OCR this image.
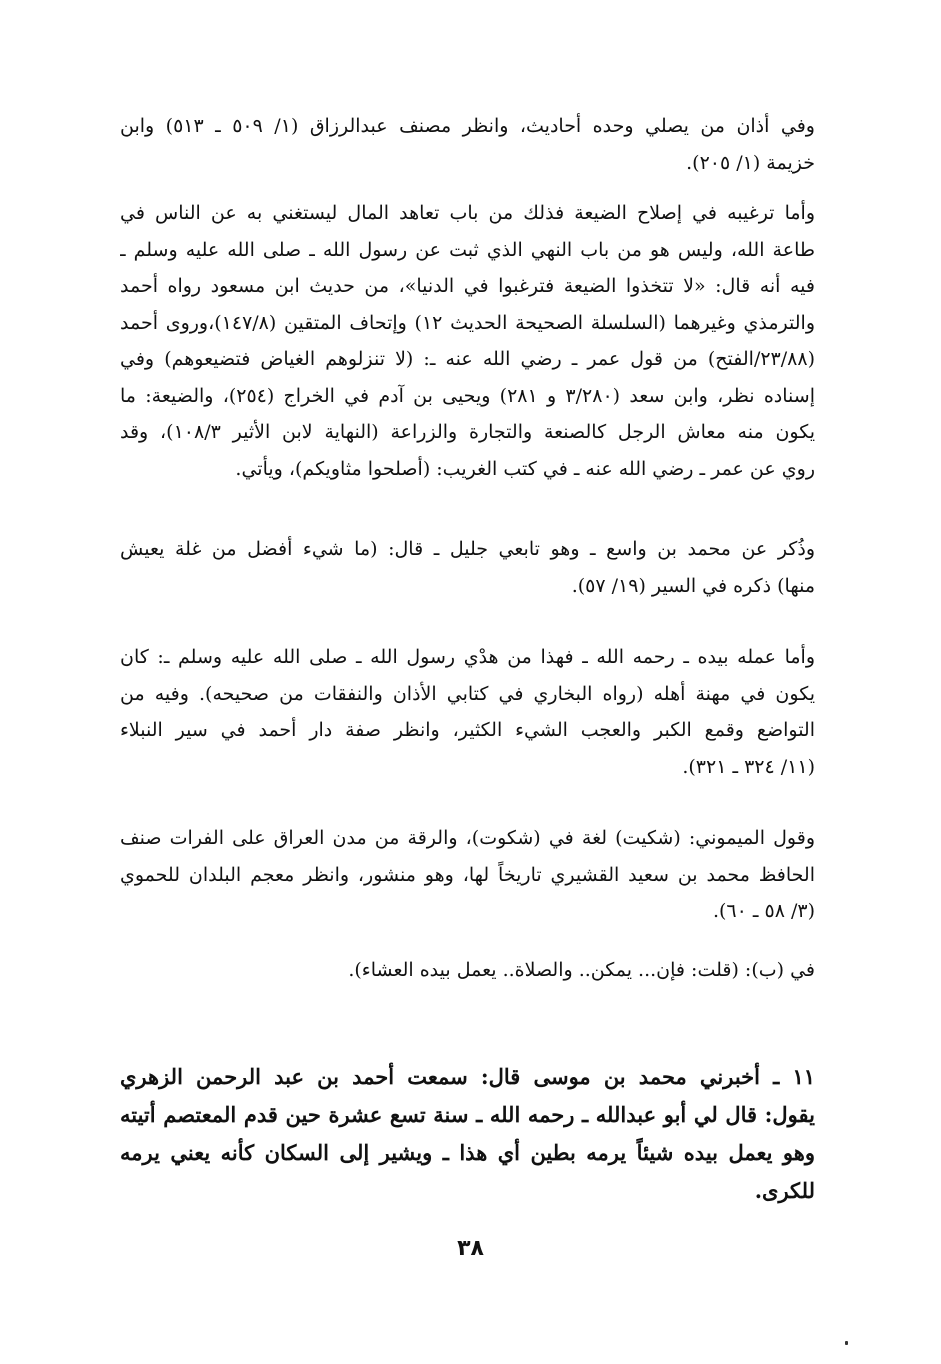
وفي أذان من يصلي وحده أحاديث، وانظر مصنف عبدالرزاق (١/ ٥٠٩ ـ ٥١٣) وابن
خزيمة (١/ ٢٠٥).
وأما ترغيبه في إصلاح الضيعة فذلك من باب تعاهد المال ليستغني به عن الناس في
طاعة الله، وليس هو من باب النهي الذي ثبت عن رسول الله ـ صلى الله عليه وسلم ـ
فيه أنه قال: «لا تتخذوا الضيعة فترغبوا في الدنيا»، من حديث ابن مسعود رواه أحمد
والترمذي وغيرهما (السلسلة الصحيحة الحديث ١٢) وإتحاف المتقين (١٤٧/٨)،وروى أحمد
(٢٣/٨٨/الفتح) من قول عمر ـ رضي الله عنه ـ: (لا تنزلوهم الغياض فتضيعوهم) وفي
إسناده نظر، وابن سعد (٣/٢٨٠ و ٢٨١) ويحيى بن آدم في الخراج (٢٥٤)، والضيعة: ما
يكون منه معاش الرجل كالصنعة والتجارة والزراعة (النهاية لابن الأثير ١٠٨/٣)، وقد
روي عن عمر ـ رضي الله عنه ـ في كتب الغريب: (أصلحوا مثاويكم)، ويأتي.
وذُكر عن محمد بن واسع ـ وهو تابعي جليل ـ قال: (ما شيء أفضل من غلة يعيش
منها) ذكره في السير (١٩/ ٥٧).
وأما عمله بيده ـ رحمه الله ـ فهذا من هدْي رسول الله ـ صلى الله عليه وسلم ـ: كان
يكون في مهنة أهله (رواه البخاري في كتابي الأذان والنفقات من صحيحه). وفيه من
التواضع وقمع الكبر والعجب الشيء الكثير، وانظر صفة دار أحمد في سير النبلاء
(١١/ ٣٢٤ ـ ٣٢١).
وقول الميموني: (شكيت) لغة في (شكوت)، والرقة من مدن العراق على الفرات صنف
الحافظ محمد بن سعيد القشيري تاريخاً لها، وهو منشور، وانظر معجم البلدان للحموي
(٣/ ٥٨ ـ ٦٠).
في (ب): (قلت: فإن... يمكن.. والصلاة.. يعمل بيده العشاء).
١١ ـ أخبرني محمد بن موسى قال: سمعت أحمد بن عبد الرحمن الزهري
يقول: قال لي أبو عبدالله ـ رحمه الله ـ سنة تسع عشرة حين قدم المعتصم أتيته
وهو يعمل بيده شيئاً يرمه بطين أي هذا ـ ويشير إلى السكان كأنه يعني يرمه
للكرى.
٣٨
